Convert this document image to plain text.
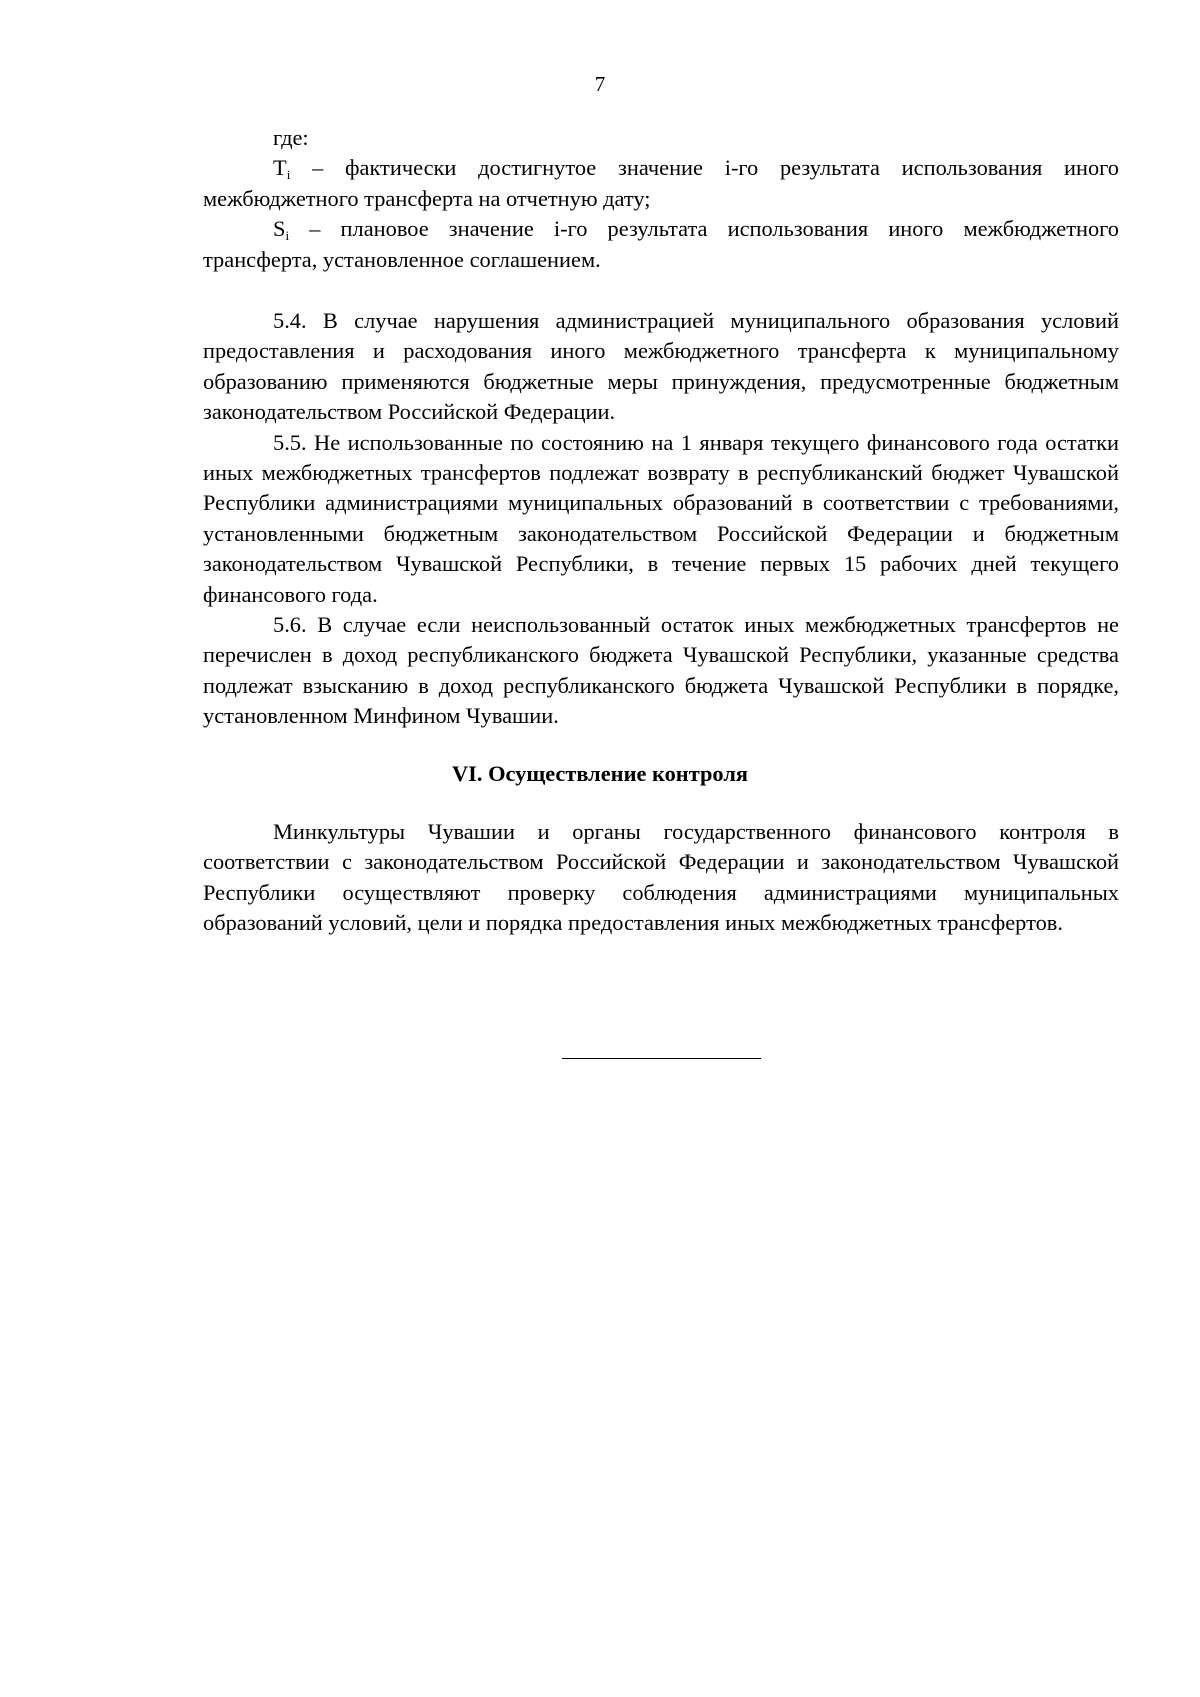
7

где:

$T_i$ – фактически достигнутое значение i-го результата использования иного межбюджетного трансферта на отчетную дату;

$S_i$ – плановое значение i-го результата использования иного межбюджетного трансферта, установленное соглашением.

5.4. В случае нарушения администрацией муниципального образования условий предоставления и расходования иного межбюджетного трансферта к муниципальному образованию применяются бюджетные меры принуждения, предусмотренные бюджетным законодательством Российской Федерации.

5.5. Не использованные по состоянию на 1 января текущего финансового года остатки иных межбюджетных трансфертов подлежат возврату в республиканский бюджет Чувашской Республики администрациями муниципальных образований в соответствии с требованиями, установленными бюджетным законодательством Российской Федерации и бюджетным законодательством Чувашской Республики, в течение первых 15 рабочих дней текущего финансового года.

5.6. В случае если неиспользованный остаток иных межбюджетных трансфертов не перечислен в доход республиканского бюджета Чувашской Республики, указанные средства подлежат взысканию в доход республиканского бюджета Чувашской Республики в порядке, установленном Минфином Чувашии.

VI. Осуществление контроля

Минкультуры Чувашии и органы государственного финансового контроля в соответствии с законодательством Российской Федерации и законодательством Чувашской Республики осуществляют проверку соблюдения администрациями муниципальных образований условий, цели и порядка предоставления иных межбюджетных трансфертов.
